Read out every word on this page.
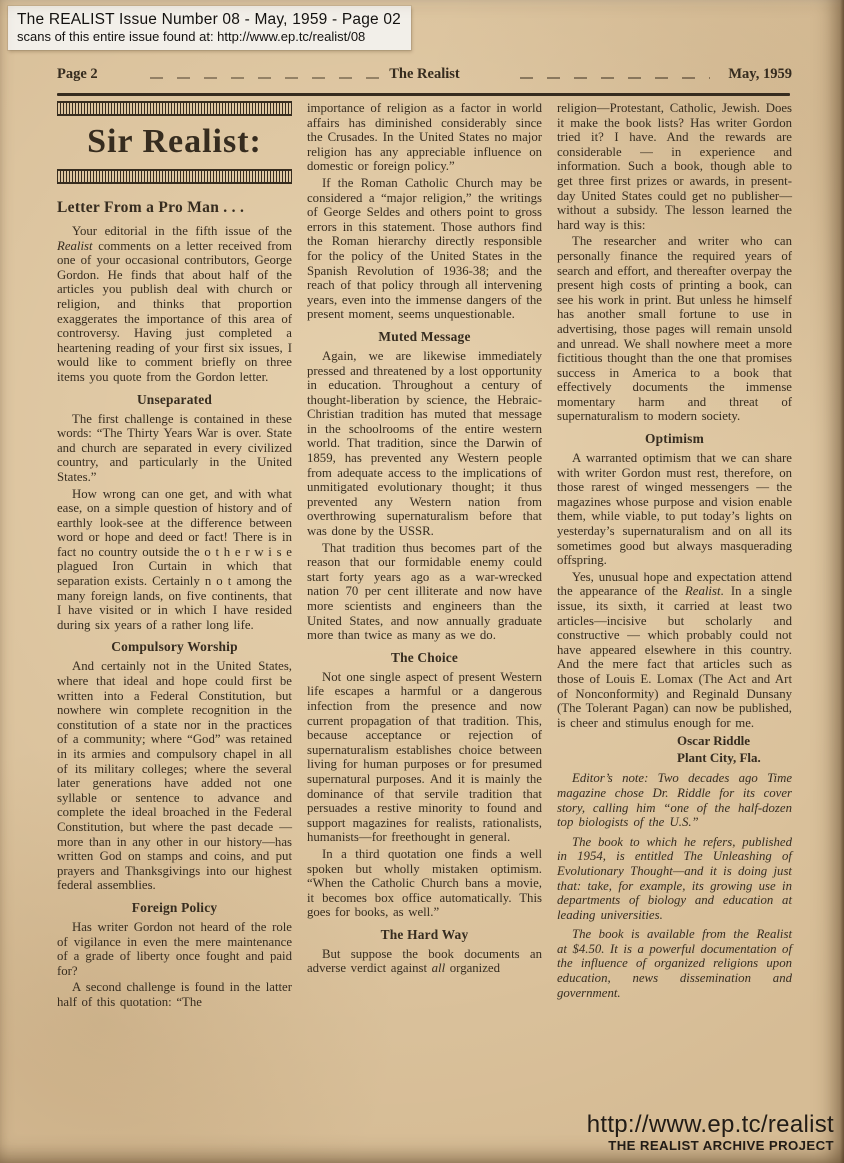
The REALIST Issue Number 08 - May, 1959 - Page 02
scans of this entire issue found at: http://www.ep.tc/realist/08
Page 2	The Realist	May, 1959
Sir Realist:
Letter From a Pro Man . . .

Your editorial in the fifth issue of the Realist comments on a letter received from one of your occasional contributors, George Gordon. He finds that about half of the articles you publish deal with church or religion, and thinks that proportion exaggerates the importance of this area of controversy. Having just completed a heartening reading of your first six issues, I would like to comment briefly on three items you quote from the Gordon letter.

Unseparated

The first challenge is contained in these words: “The Thirty Years War is over. State and church are separated in every civilized country, and particularly in the United States.”

How wrong can one get, and with what ease, on a simple question of history and of earthly look-see at the difference between word or hope and deed or fact! There is in fact no country outside the o t h e r w i s e plagued Iron Curtain in which that separation exists. Certainly n o t among the many foreign lands, on five continents, that I have visited or in which I have resided during six years of a rather long life.

Compulsory Worship

And certainly not in the United States, where that ideal and hope could first be written into a Federal Constitution, but nowhere win complete recognition in the constitution of a state nor in the practices of a community; where “God” was retained in its armies and compulsory chapel in all of its military colleges; where the several later generations have added not one syllable or sentence to advance and complete the ideal broached in the Federal Constitution, but where the past decade —more than in any other in our history—has written God on stamps and coins, and put prayers and Thanksgivings into our highest federal assemblies.

Foreign Policy

Has writer Gordon not heard of the role of vigilance in even the mere maintenance of a grade of liberty once fought and paid for?

A second challenge is found in the latter half of this quotation: “The

importance of religion as a factor in world affairs has diminished considerably since the Crusades. In the United States no major religion has any appreciable influence on domestic or foreign policy.”

If the Roman Catholic Church may be considered a “major religion,” the writings of George Seldes and others point to gross errors in this statement. Those authors find the Roman hierarchy directly responsible for the policy of the United States in the Spanish Revolution of 1936-38; and the reach of that policy through all intervening years, even into the immense dangers of the present moment, seems unquestionable.

Muted Message

Again, we are likewise immediately pressed and threatened by a lost opportunity in education. Throughout a century of thought-liberation by science, the Hebraic-Christian tradition has muted that message in the schoolrooms of the entire western world. That tradition, since the Darwin of 1859, has prevented any Western people from adequate access to the implications of unmitigated evolutionary thought; it thus prevented any Western nation from overthrowing supernaturalism before that was done by the USSR.

That tradition thus becomes part of the reason that our formidable enemy could start forty years ago as a war-wrecked nation 70 per cent illiterate and now have more scientists and engineers than the United States, and now annually graduate more than twice as many as we do.

The Choice

Not one single aspect of present Western life escapes a harmful or a dangerous infection from the presence and now current propagation of that tradition. This, because acceptance or rejection of supernaturalism establishes choice between living for human purposes or for presumed supernatural purposes. And it is mainly the dominance of that servile tradition that persuades a restive minority to found and support magazines for realists, rationalists, humanists—for freethought in general.

In a third quotation one finds a well spoken but wholly mistaken optimism. “When the Catholic Church bans a movie, it becomes box office automatically. This goes for books, as well.”

The Hard Way

But suppose the book documents an adverse verdict against all organized

religion—Protestant, Catholic, Jewish. Does it make the book lists? Has writer Gordon tried it? I have. And the rewards are considerable — in experience and information. Such a book, though able to get three first prizes or awards, in present-day United States could get no publisher—without a subsidy. The lesson learned the hard way is this:

The researcher and writer who can personally finance the required years of search and effort, and thereafter overpay the present high costs of printing a book, can see his work in print. But unless he himself has another small fortune to use in advertising, those pages will remain unsold and unread. We shall nowhere meet a more fictitious thought than the one that promises success in America to a book that effectively documents the immense momentary harm and threat of supernaturalism to modern society.

Optimism

A warranted optimism that we can share with writer Gordon must rest, therefore, on those rarest of winged messengers — the magazines whose purpose and vision enable them, while viable, to put today’s lights on yesterday’s supernaturalism and on all its sometimes good but always masquerading offspring.

Yes, unusual hope and expectation attend the appearance of the Realist. In a single issue, its sixth, it carried at least two articles—incisive but scholarly and constructive — which probably could not have appeared elsewhere in this country. And the mere fact that articles such as those of Louis E. Lomax (The Act and Art of Nonconformity) and Reginald Dunsany (The Tolerant Pagan) can now be published, is cheer and stimulus enough for me.

Oscar Riddle
Plant City, Fla.

Editor’s note: Two decades ago Time magazine chose Dr. Riddle for its cover story, calling him “one of the half-dozen top biologists of the U.S.”

The book to which he refers, published in 1954, is entitled The Unleashing of Evolutionary Thought—and it is doing just that: take, for example, its growing use in departments of biology and education at leading universities.

The book is available from the Realist at $4.50. It is a powerful documentation of the influence of organized religions upon education, news dissemination and government.

http://www.ep.tc/realist
THE REALIST ARCHIVE PROJECT
